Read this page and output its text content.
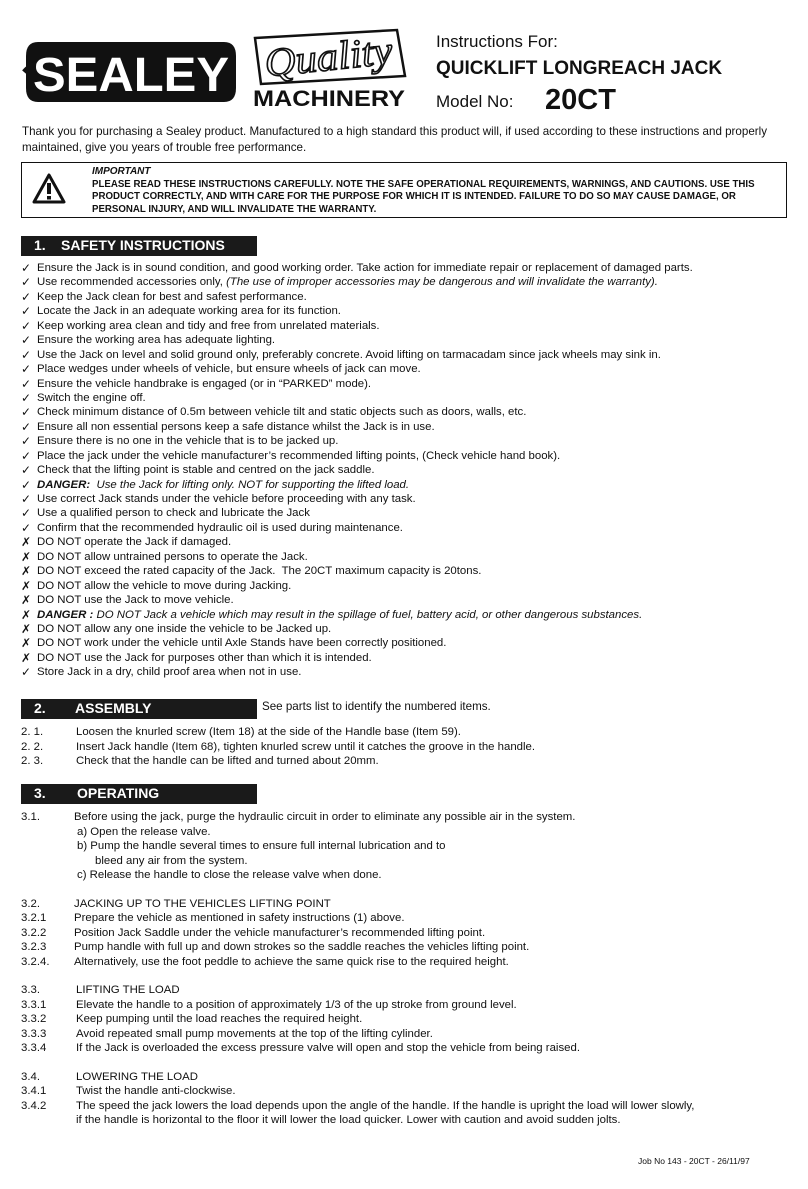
SEALEY Quality
MACHINERY
Instructions For:
QUICKLIFT LONGREACH JACK
Model No: 20CT
Thank you for purchasing a Sealey product. Manufactured to a high standard this product will, if used according to these instructions and properly maintained, give you years of trouble free performance.
IMPORTANT
PLEASE READ THESE INSTRUCTIONS CAREFULLY. NOTE THE SAFE OPERATIONAL REQUIREMENTS, WARNINGS, AND CAUTIONS. USE THIS PRODUCT CORRECTLY, AND WITH CARE FOR THE PURPOSE FOR WHICH IT IS INTENDED. FAILURE TO DO SO MAY CAUSE DAMAGE, OR PERSONAL INJURY, AND WILL INVALIDATE THE WARRANTY.
1. SAFETY INSTRUCTIONS
✓ Ensure the Jack is in sound condition, and good working order. Take action for immediate repair or replacement of damaged parts.
✓ Use recommended accessories only, (The use of improper accessories may be dangerous and will invalidate the warranty).
✓ Keep the Jack clean for best and safest performance.
✓ Locate the Jack in an adequate working area for its function.
✓ Keep working area clean and tidy and free from unrelated materials.
✓ Ensure the working area has adequate lighting.
✓ Use the Jack on level and solid ground only, preferably concrete. Avoid lifting on tarmacadam since jack wheels may sink in.
✓ Place wedges under wheels of vehicle, but ensure wheels of jack can move.
✓ Ensure the vehicle handbrake is engaged (or in “PARKED” mode).
✓ Switch the engine off.
✓ Check minimum distance of 0.5m between vehicle tilt and static objects such as doors, walls, etc.
✓ Ensure all non essential persons keep a safe distance whilst the Jack is in use.
✓ Ensure there is no one in the vehicle that is to be jacked up.
✓ Place the jack under the vehicle manufacturer’s recommended lifting points, (Check vehicle hand book).
✓ Check that the lifting point is stable and centred on the jack saddle.
✓ DANGER:  Use the Jack for lifting only. NOT for supporting the lifted load.
✓ Use correct Jack stands under the vehicle before proceeding with any task.
✓ Use a qualified person to check and lubricate the Jack
✓ Confirm that the recommended hydraulic oil is used during maintenance.
✗ DO NOT operate the Jack if damaged.
✗ DO NOT allow untrained persons to operate the Jack.
✗ DO NOT exceed the rated capacity of the Jack.  The 20CT maximum capacity is 20tons.
✗ DO NOT allow the vehicle to move during Jacking.
✗ DO NOT use the Jack to move vehicle.
✗ DANGER : DO NOT Jack a vehicle which may result in the spillage of fuel, battery acid, or other dangerous substances.
✗ DO NOT allow any one inside the vehicle to be Jacked up.
✗ DO NOT work under the vehicle until Axle Stands have been correctly positioned.
✗ DO NOT use the Jack for purposes other than which it is intended.
✓ Store Jack in a dry, child proof area when not in use.
2. ASSEMBLY	See parts list to identify the numbered items.
2. 1.	Loosen the knurled screw (Item 18) at the side of the Handle base (Item 59).
2. 2.	Insert Jack handle (Item 68), tighten knurled screw until it catches the groove in the handle.
2. 3.	Check that the handle can be lifted and turned about 20mm.
3. OPERATING
3.1.	Before using the jack, purge the hydraulic circuit in order to eliminate any possible air in the system.
a) Open the release valve.
b) Pump the handle several times to ensure full internal lubrication and to
bleed any air from the system.
c) Release the handle to close the release valve when done.
3.2.	JACKING UP TO THE VEHICLES LIFTING POINT
3.2.1 Prepare the vehicle as mentioned in safety instructions (1) above.
3.2.2 Position Jack Saddle under the vehicle manufacturer’s recommended lifting point.
3.2.3 Pump handle with full up and down strokes so the saddle reaches the vehicles lifting point.
3.2.4. Alternatively, use the foot peddle to achieve the same quick rise to the required height.
3.3.	LIFTING THE LOAD
3.3.1	Elevate the handle to a position of approximately 1/3 of the up stroke from ground level.
3.3.2	Keep pumping until the load reaches the required height.
3.3.3	Avoid repeated small pump movements at the top of the lifting cylinder.
3.3.4	If the Jack is overloaded the excess pressure valve will open and stop the vehicle from being raised.
3.4.	LOWERING THE LOAD
3.4.1	Twist the handle anti-clockwise.
3.4.2	The speed the jack lowers the load depends upon the angle of the handle. If the handle is upright the load will lower slowly,
if the handle is horizontal to the floor it will lower the load quicker. Lower with caution and avoid sudden jolts.
Job No 143 - 20CT - 26/11/97
